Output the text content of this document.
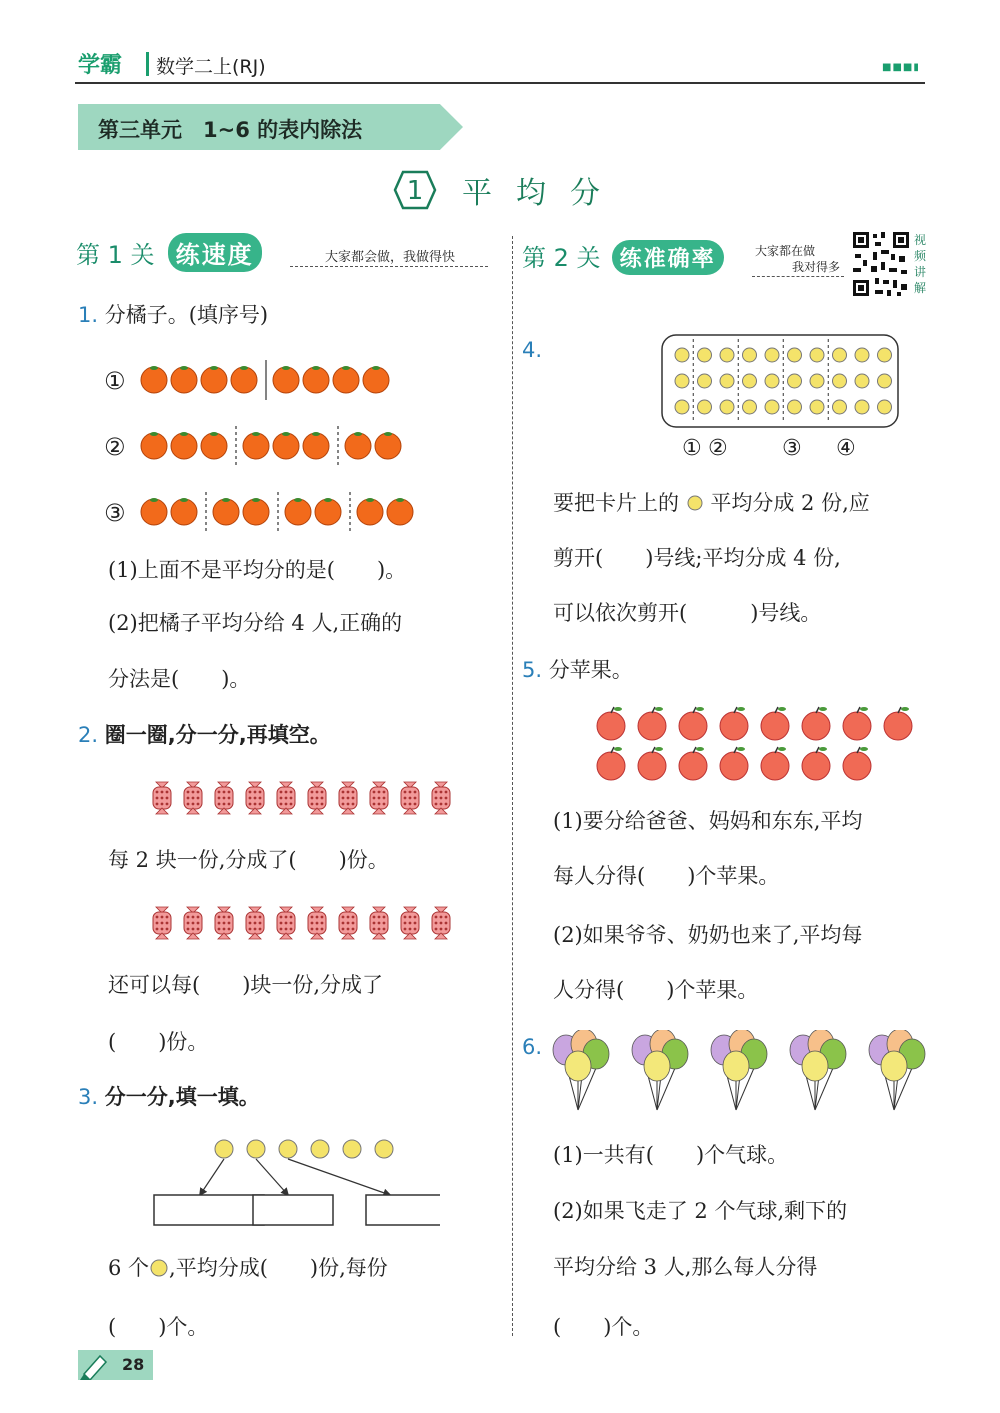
学霸 数学二上(RJ)	■■■▮
第三单元　1~6 的表内除法
1 平均分
第 1 关 练速度	大家都会做，我做得快	第 2 关 练准确率	大家都在做
我对得多
视频讲解
1. 分橘子。(填序号)
①
②
③
(1)上面不是平均分的是(　　)。
(2)把橘子平均分给 4 人,正确的
分法是(　　)。
2. 圈一圈,分一分,再填空。
每 2 块一份,分成了(　　)份。
还可以每(　　)块一份,分成了
(　　)份。
3. 分一分,填一填。
6 个 ,平均分成(　　)份,每份
(　　)个。
4.
① ② ③ ④
要把卡片上的 平均分成 2 份,应
剪开(　　)号线;平均分成 4 份,
可以依次剪开(　　　)号线。
5. 分苹果。
(1)要分给爸爸、妈妈和东东,平均
每人分得(　　)个苹果。
(2)如果爷爷、奶奶也来了,平均每
人分得(　　)个苹果。
6.
(1)一共有(　　)个气球。
(2)如果飞走了 2 个气球,剩下的
平均分给 3 人,那么每人分得
(　　)个。
28
